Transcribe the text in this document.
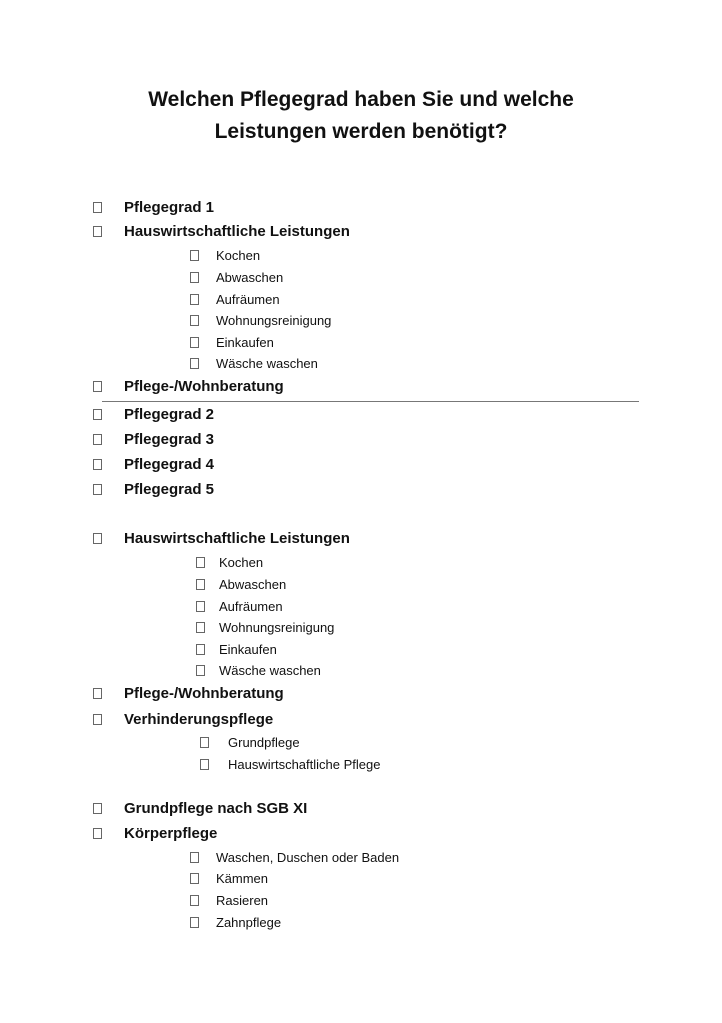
Welchen Pflegegrad haben Sie und welche
Leistungen werden benötigt?
Pflegegrad 1
Hauswirtschaftliche Leistungen
Kochen
Abwaschen
Aufräumen
Wohnungsreinigung
Einkaufen
Wäsche waschen
Pflege-/Wohnberatung
Pflegegrad 2
Pflegegrad 3
Pflegegrad 4
Pflegegrad 5
Hauswirtschaftliche Leistungen
Kochen
Abwaschen
Aufräumen
Wohnungsreinigung
Einkaufen
Wäsche waschen
Pflege-/Wohnberatung
Verhinderungspflege
Grundpflege
Hauswirtschaftliche Pflege
Grundpflege nach SGB XI
Körperpflege
Waschen, Duschen oder Baden
Kämmen
Rasieren
Zahnpflege
